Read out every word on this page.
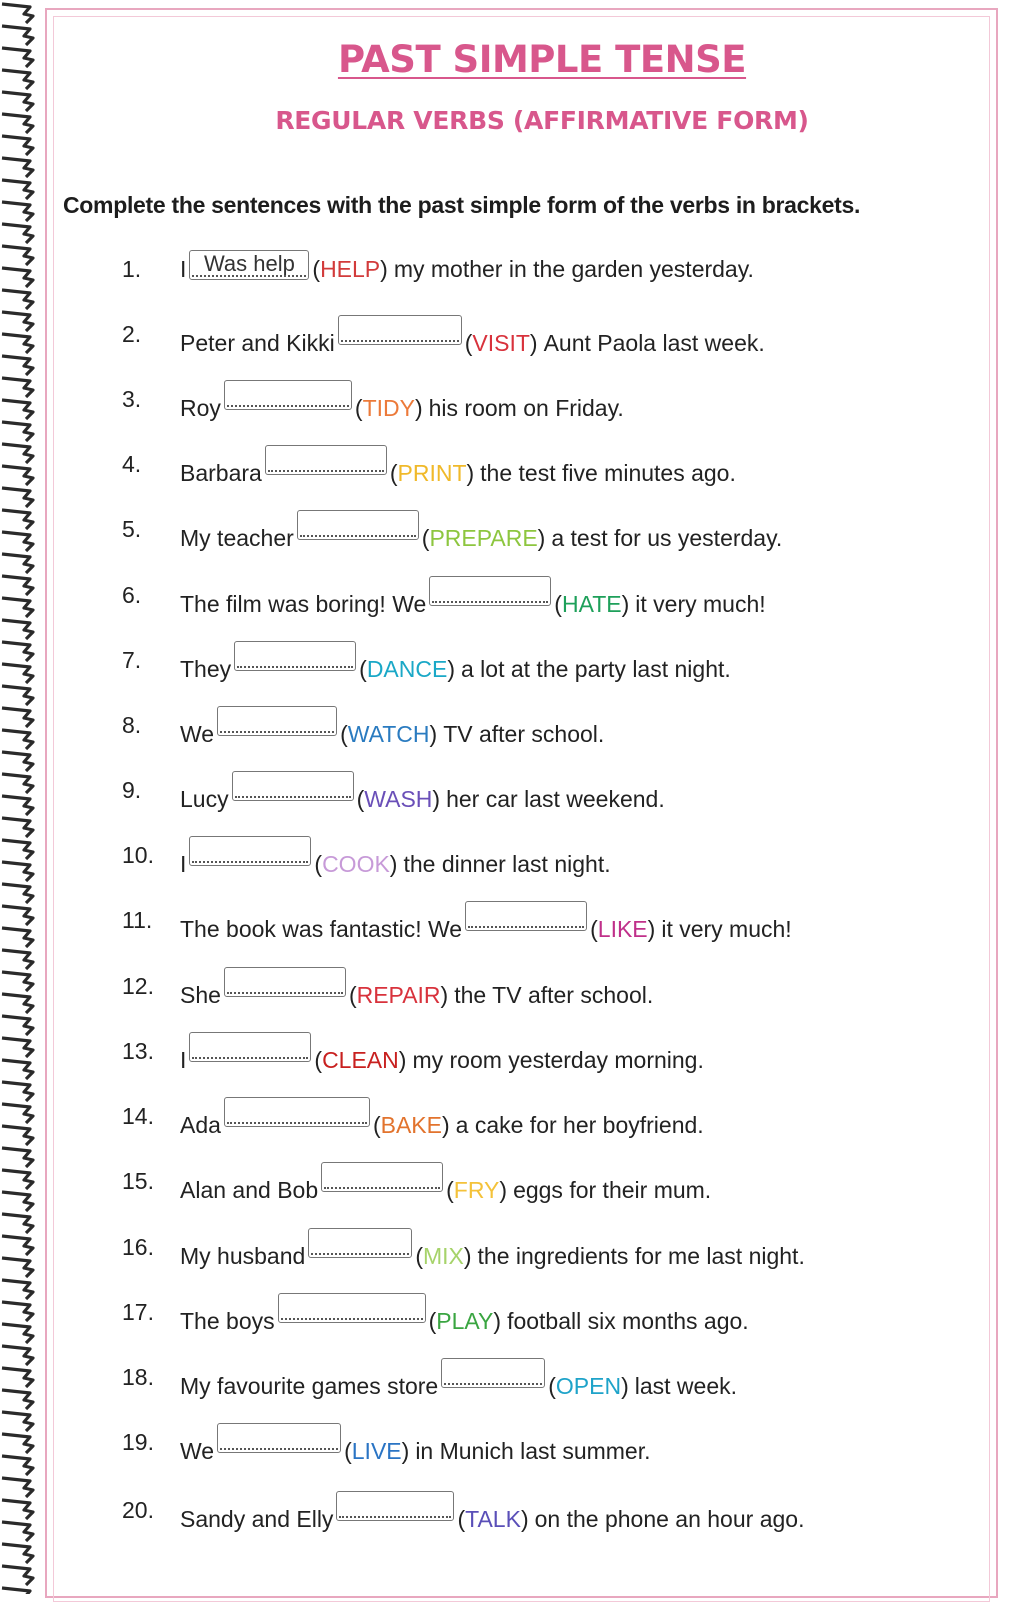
PAST SIMPLE TENSE
REGULAR VERBS (AFFIRMATIVE FORM)
Complete the sentences with the past simple form of the verbs in brackets.
1. I Was help (HELP) my mother in the garden yesterday.
2. Peter and Kikki	(VISIT) Aunt Paola last week.
3. Roy	(TIDY) his room on Friday.
4. Barbara	(PRINT) the test five minutes ago.
5. My teacher	(PREPARE) a test for us yesterday.
6. The film was boring! We	(HATE) it very much!
7. They	(DANCE) a lot at the party last night.
8. We	(WATCH) TV after school.
9. Lucy	(WASH) her car last weekend.
10. I	(COOK) the dinner last night.
11. The book was fantastic! We	(LIKE) it very much!
12. She	(REPAIR) the TV after school.
13. I	(CLEAN) my room yesterday morning.
14. Ada	(BAKE) a cake for her boyfriend.
15. Alan and Bob	(FRY) eggs for their mum.
16. My husband	(MIX) the ingredients for me last night.
17. The boys	(PLAY) football six months ago.
18. My favourite games store	(OPEN) last week.
19. We	(LIVE) in Munich last summer.
20. Sandy and Elly	(TALK) on the phone an hour ago.
